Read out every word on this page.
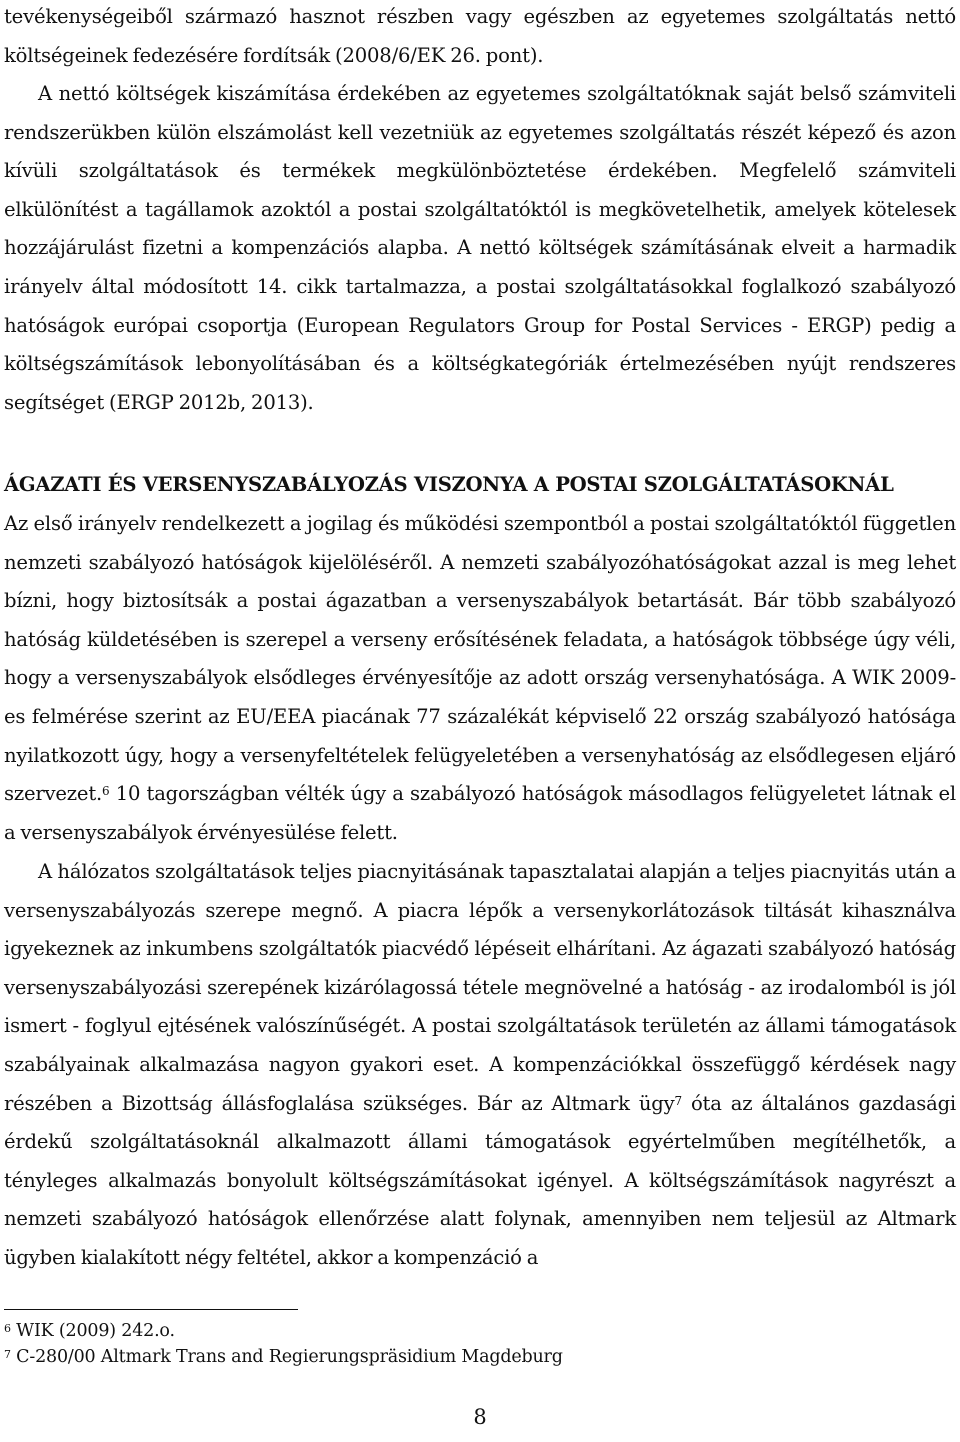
tevékenységeiből származó hasznot részben vagy egészben az egyetemes szolgáltatás nettó költségeinek fedezésére fordítsák (2008/6/EK 26. pont).

A nettó költségek kiszámítása érdekében az egyetemes szolgáltatóknak saját belső számviteli rendszerükben külön elszámolást kell vezetniük az egyetemes szolgáltatás részét képező és azon kívüli szolgáltatások és termékek megkülönböztetése érdekében. Megfelelő számviteli elkülönítést a tagállamok azoktól a postai szolgáltatóktól is megkövetelhetik, amelyek kötelesek hozzájárulást fizetni a kompenzációs alapba. A nettó költségek számításának elveit a harmadik irányelv által módosított 14. cikk tartalmazza, a postai szolgáltatásokkal foglalkozó szabályozó hatóságok európai csoportja (European Regulators Group for Postal Services - ERGP) pedig a költségszámítások lebonyolításában és a költségkategóriák értelmezésében nyújt rendszeres segítséget (ERGP 2012b, 2013).

ÁGAZATI ÉS VERSENYSZABÁLYOZÁS VISZONYA A POSTAI SZOLGÁLTATÁSOKNÁL

Az első irányelv rendelkezett a jogilag és működési szempontból a postai szolgáltatóktól független nemzeti szabályozó hatóságok kijelöléséről. A nemzeti szabályozóhatóságokat azzal is meg lehet bízni, hogy biztosítsák a postai ágazatban a versenyszabályok betartását. Bár több szabályozó hatóság küldetésében is szerepel a verseny erősítésének feladata, a hatóságok többsége úgy véli, hogy a versenyszabályok elsődleges érvényesítője az adott ország versenyhatósága. A WIK 2009-es felmérése szerint az EU/EEA piacának 77 százalékát képviselő 22 ország szabályozó hatósága nyilatkozott úgy, hogy a versenyfeltételek felügyeletében a versenyhatóság az elsődlegesen eljáró szervezet.$^6$ 10 tagországban vélték úgy a szabályozó hatóságok másodlagos felügyeletet látnak el a versenyszabályok érvényesülése felett.

A hálózatos szolgáltatások teljes piacnyitásának tapasztalatai alapján a teljes piacnyitás után a versenyszabályozás szerepe megnő. A piacra lépők a versenykorlátozások tiltását kihasználva igyekeznek az inkumbens szolgáltatók piacvédő lépéseit elhárítani. Az ágazati szabályozó hatóság versenyszabályozási szerepének kizárólagossá tétele megnövelné a hatóság - az irodalomból is jól ismert - foglyul ejtésének valószínűségét. A postai szolgáltatások területén az állami támogatások szabályainak alkalmazása nagyon gyakori eset. A kompenzációkkal összefüggő kérdések nagy részében a Bizottság állásfoglalása szükséges. Bár az Altmark ügy$^7$ óta az általános gazdasági érdekű szolgáltatásoknál alkalmazott állami támogatások egyértelműben megítélhetők, a tényleges alkalmazás bonyolult költségszámításokat igényel. A költségszámítások nagyrészt a nemzeti szabályozó hatóságok ellenőrzése alatt folynak, amennyiben nem teljesül az Altmark ügyben kialakított négy feltétel, akkor a kompenzáció a

$^6$ WIK (2009) 242.o.

$^7$ C-280/00 Altmark Trans and Regierungspräsidium Magdeburg

8
